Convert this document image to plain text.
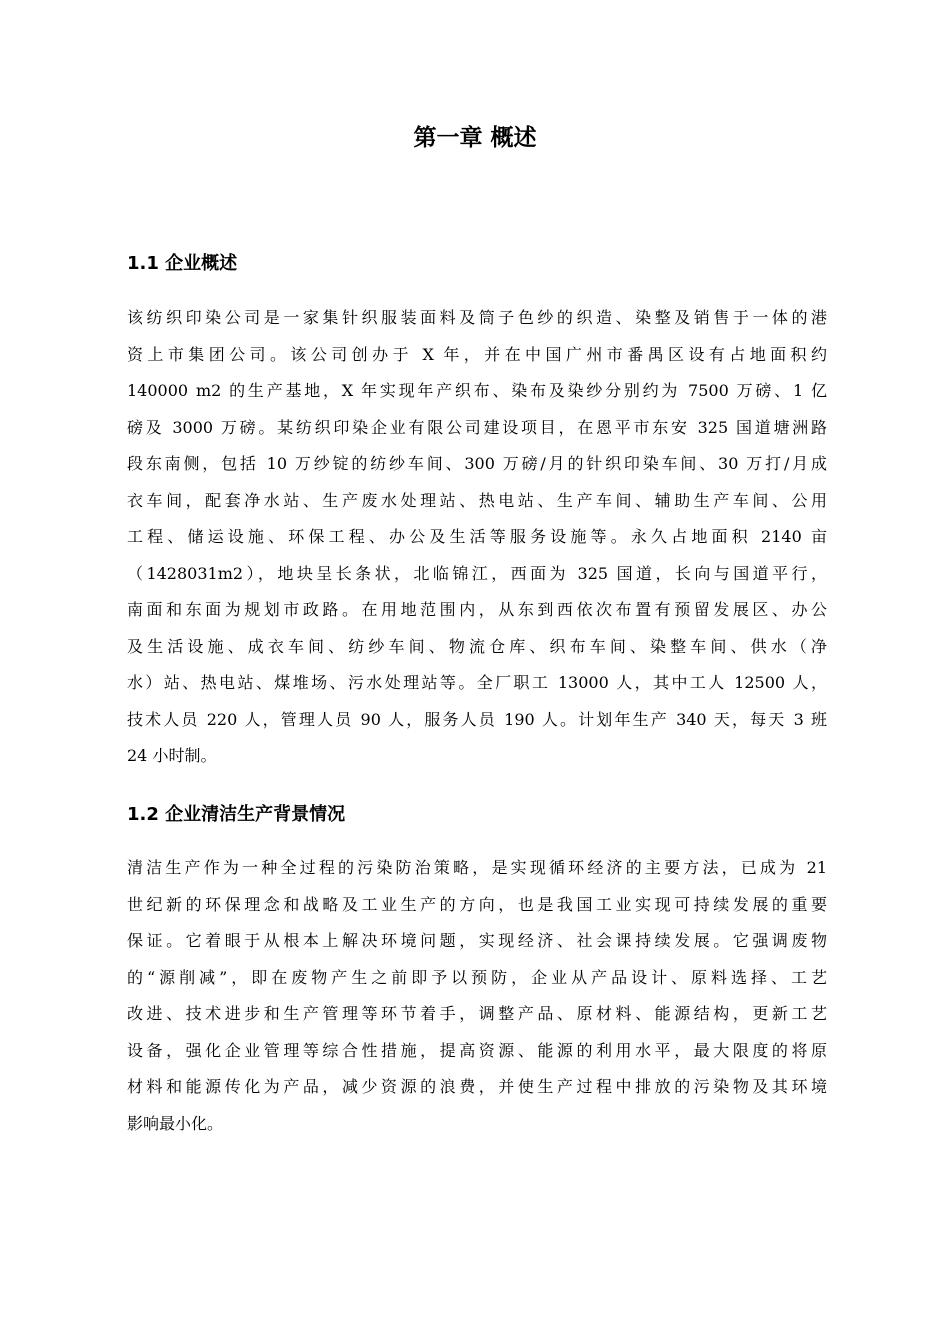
第一章 概述
1.1 企业概述
该纺织印染公司是一家集针织服装面料及筒子色纱的织造、染整及销售于一体的港
资上市集团公司。该公司创办于 X 年，并在中国广州市番禺区设有占地面积约
140000 m2 的生产基地，X 年实现年产织布、染布及染纱分别约为 7500 万磅、1 亿
磅及 3000 万磅。某纺织印染企业有限公司建设项目，在恩平市东安 325 国道塘洲路
段东南侧，包括 10 万纱锭的纺纱车间、300 万磅/月的针织印染车间、30 万打/月成
衣车间，配套净水站、生产废水处理站、热电站、生产车间、辅助生产车间、公用
工程、储运设施、环保工程、办公及生活等服务设施等。永久占地面积 2140 亩
（1428031m2），地块呈长条状，北临锦江，西面为 325 国道，长向与国道平行，
南面和东面为规划市政路。在用地范围内，从东到西依次布置有预留发展区、办公
及生活设施、成衣车间、纺纱车间、物流仓库、织布车间、染整车间、供水（净
水）站、热电站、煤堆场、污水处理站等。全厂职工 13000 人，其中工人 12500 人，
技术人员 220 人，管理人员 90 人，服务人员 190 人。计划年生产 340 天，每天 3 班
24 小时制。
1.2 企业清洁生产背景情况
清洁生产作为一种全过程的污染防治策略，是实现循环经济的主要方法，已成为 21
世纪新的环保理念和战略及工业生产的方向，也是我国工业实现可持续发展的重要
保证。它着眼于从根本上解决环境问题，实现经济、社会课持续发展。它强调废物
的“源削减”，即在废物产生之前即予以预防，企业从产品设计、原料选择、工艺
改进、技术进步和生产管理等环节着手，调整产品、原材料、能源结构，更新工艺
设备，强化企业管理等综合性措施，提高资源、能源的利用水平，最大限度的将原
材料和能源传化为产品，减少资源的浪费，并使生产过程中排放的污染物及其环境
影响最小化。
